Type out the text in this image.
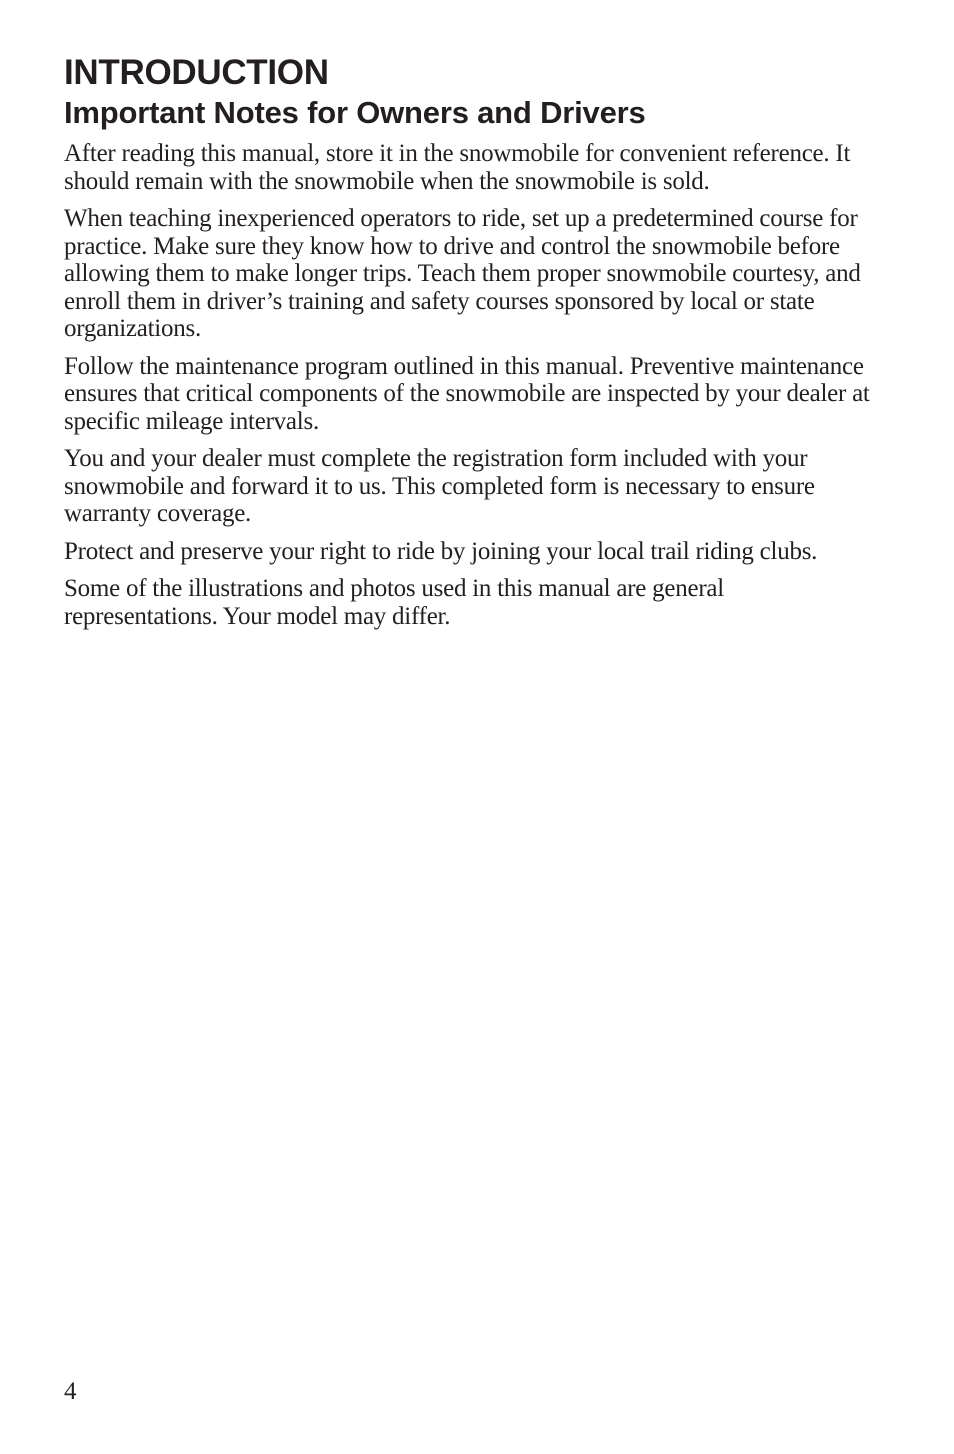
INTRODUCTION
Important Notes for Owners and Drivers

After reading this manual, store it in the snowmobile for convenient reference. It should remain with the snowmobile when the snowmobile is sold.

When teaching inexperienced operators to ride, set up a predetermined course for practice. Make sure they know how to drive and control the snowmobile before allowing them to make longer trips. Teach them proper snowmobile courtesy, and enroll them in driver’s training and safety courses sponsored by local or state organizations.

Follow the maintenance program outlined in this manual. Preventive maintenance ensures that critical components of the snowmobile are inspected by your dealer at specific mileage intervals.

You and your dealer must complete the registration form included with your snowmobile and forward it to us. This completed form is necessary to ensure warranty coverage.

Protect and preserve your right to ride by joining your local trail riding clubs.

Some of the illustrations and photos used in this manual are general representations. Your model may differ.

4
